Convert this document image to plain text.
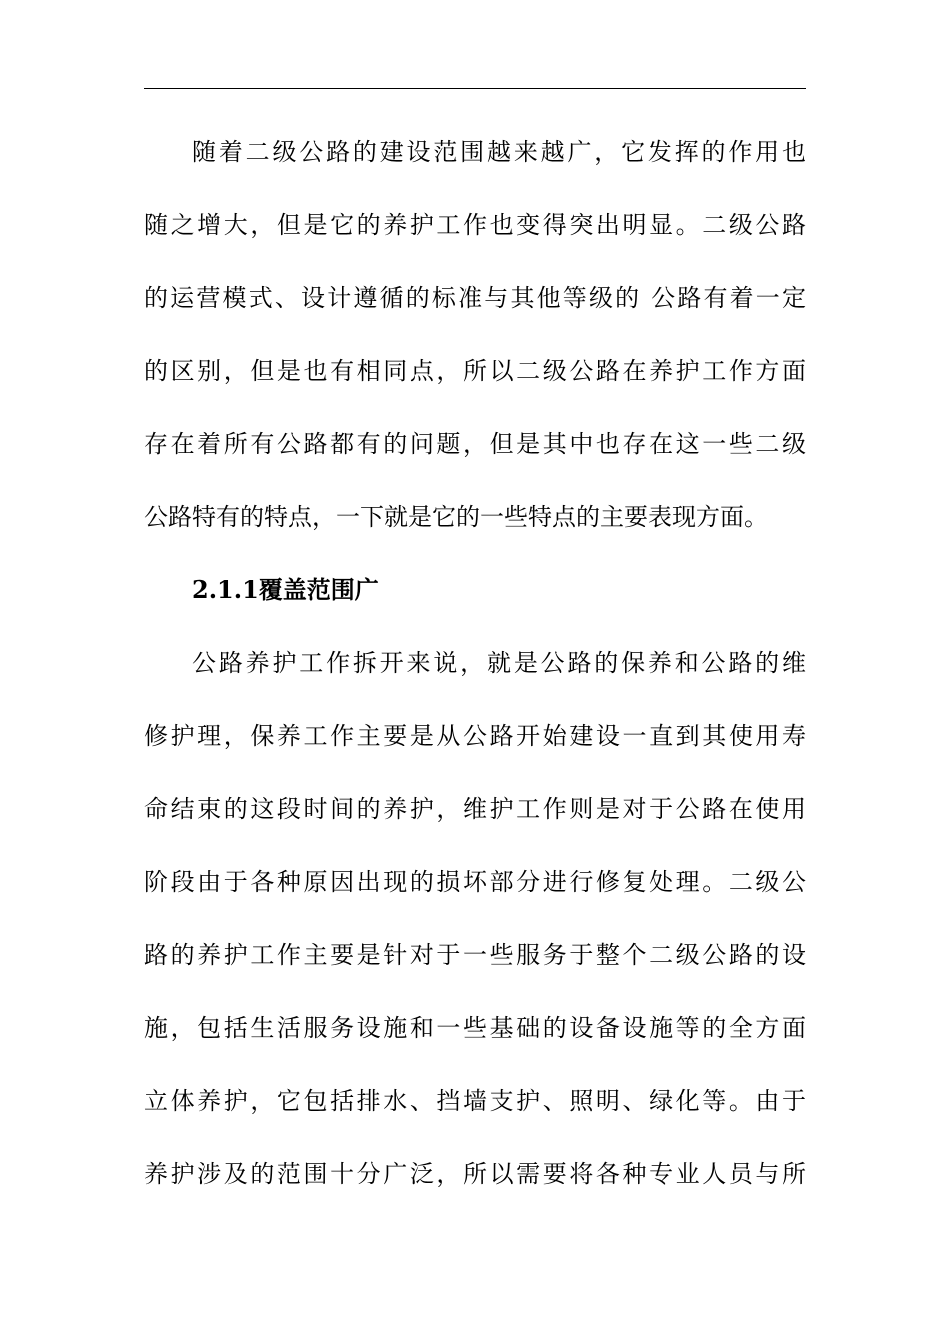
随着二级公路的建设范围越来越广，它发挥的作用也
随之增大，但是它的养护工作也变得突出明显。二级公路
的运营模式、设计遵循的标准与其他等级的 公路有着一定
的区别，但是也有相同点，所以二级公路在养护工作方面
存在着所有公路都有的问题，但是其中也存在这一些二级
公路特有的特点，一下就是它的一些特点的主要表现方面。
2.1.1覆盖范围广
公路养护工作拆开来说，就是公路的保养和公路的维
修护理，保养工作主要是从公路开始建设一直到其使用寿
命结束的这段时间的养护，维护工作则是对于公路在使用
阶段由于各种原因出现的损坏部分进行修复处理。二级公
路的养护工作主要是针对于一些服务于整个二级公路的设
施，包括生活服务设施和一些基础的设备设施等的全方面
立体养护，它包括排水、挡墙支护、照明、绿化等。由于
养护涉及的范围十分广泛，所以需要将各种专业人员与所
